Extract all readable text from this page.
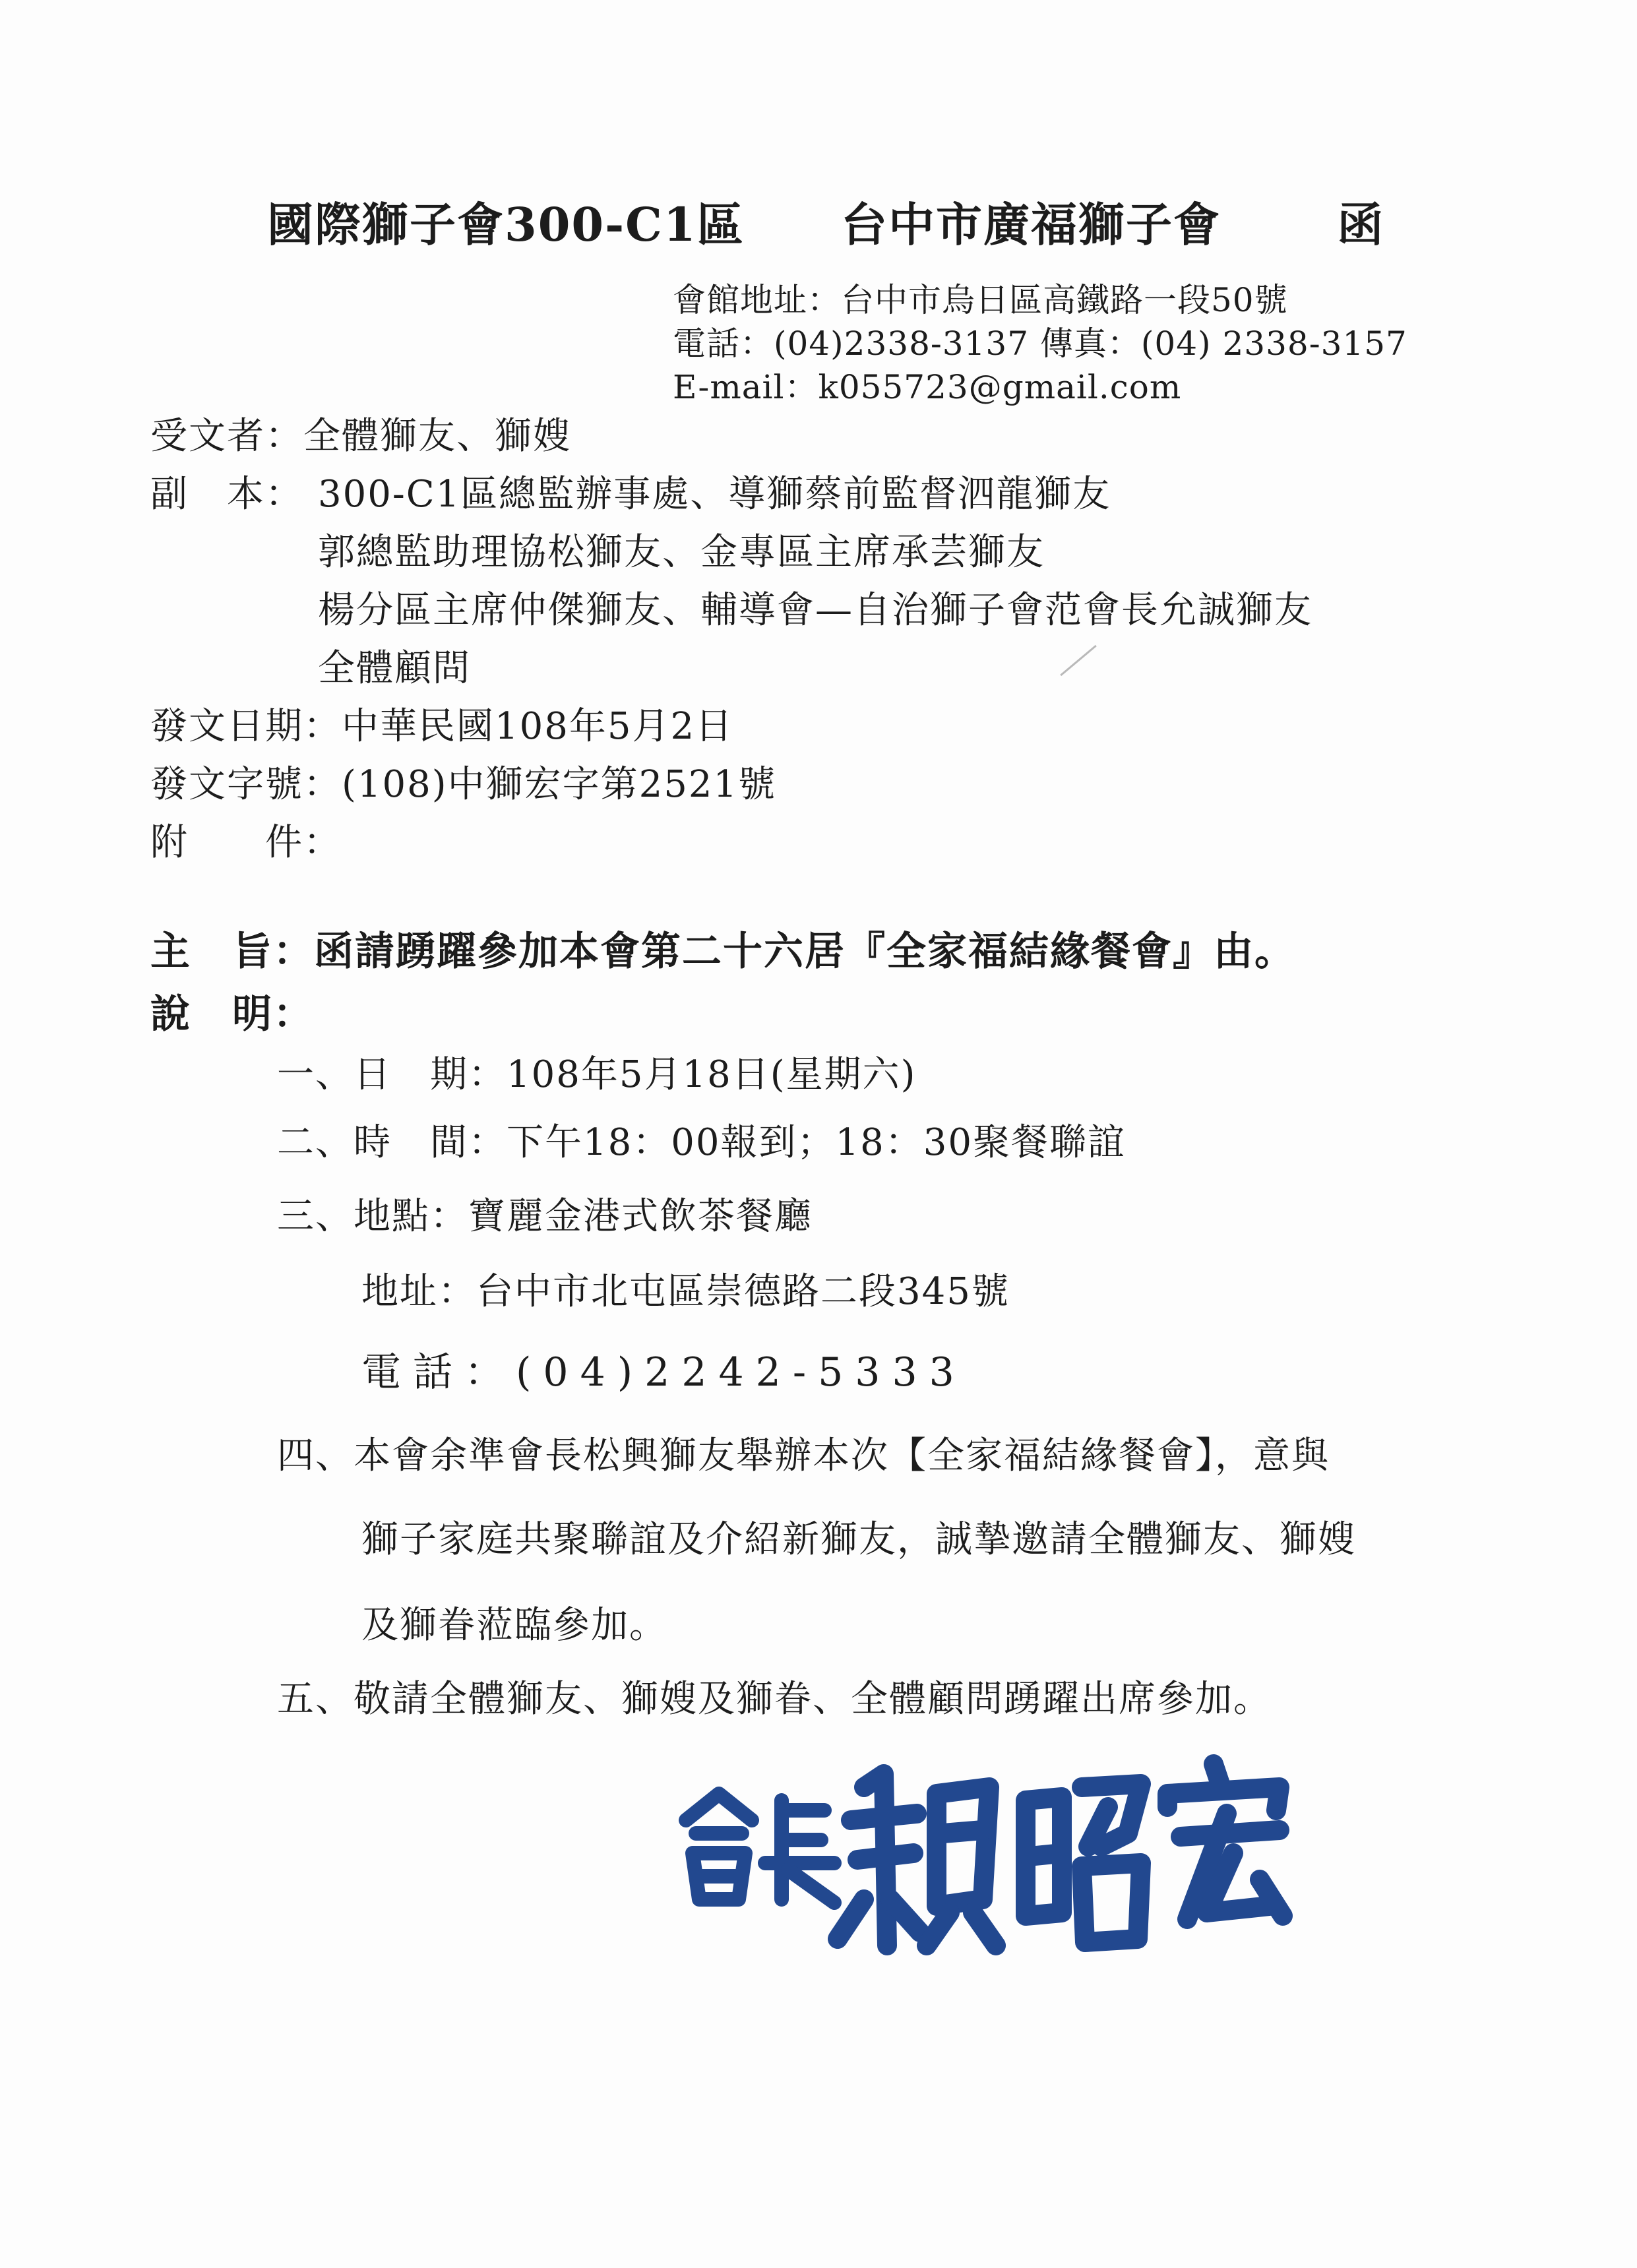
國際獅子會300-C1區 台中市廣福獅子會	函
會館地址：台中市烏日區高鐵路一段50號
電話：(04)2338-3137 傳真：(04) 2338-3157
E-mail：k055723@gmail.com
受文者：全體獅友、獅嫂
副　本： 300-C1區總監辦事處、導獅蔡前監督泗龍獅友
郭總監助理協松獅友、金專區主席承芸獅友
楊分區主席仲傑獅友、輔導會—自治獅子會范會長允誠獅友
全體顧問
發文日期：中華民國108年5月2日
發文字號：(108)中獅宏字第2521號
附　　件：
主　旨：函請踴躍參加本會第二十六居『全家福結緣餐會』由。
說　明：
一、日　期：108年5月18日(星期六)
二、時　間：下午18：00報到；18：30聚餐聯誼
三、地點：寶麗金港式飲茶餐廳
地址：台中市北屯區崇德路二段345號
電話：(04)2242-5333
四、本會余準會長松興獅友舉辦本次【全家福結緣餐會】，意與
獅子家庭共聚聯誼及介紹新獅友，誠摯邀請全體獅友、獅嫂
及獅眷蒞臨參加。
五、敬請全體獅友、獅嫂及獅眷、全體顧問踴躍出席參加。
